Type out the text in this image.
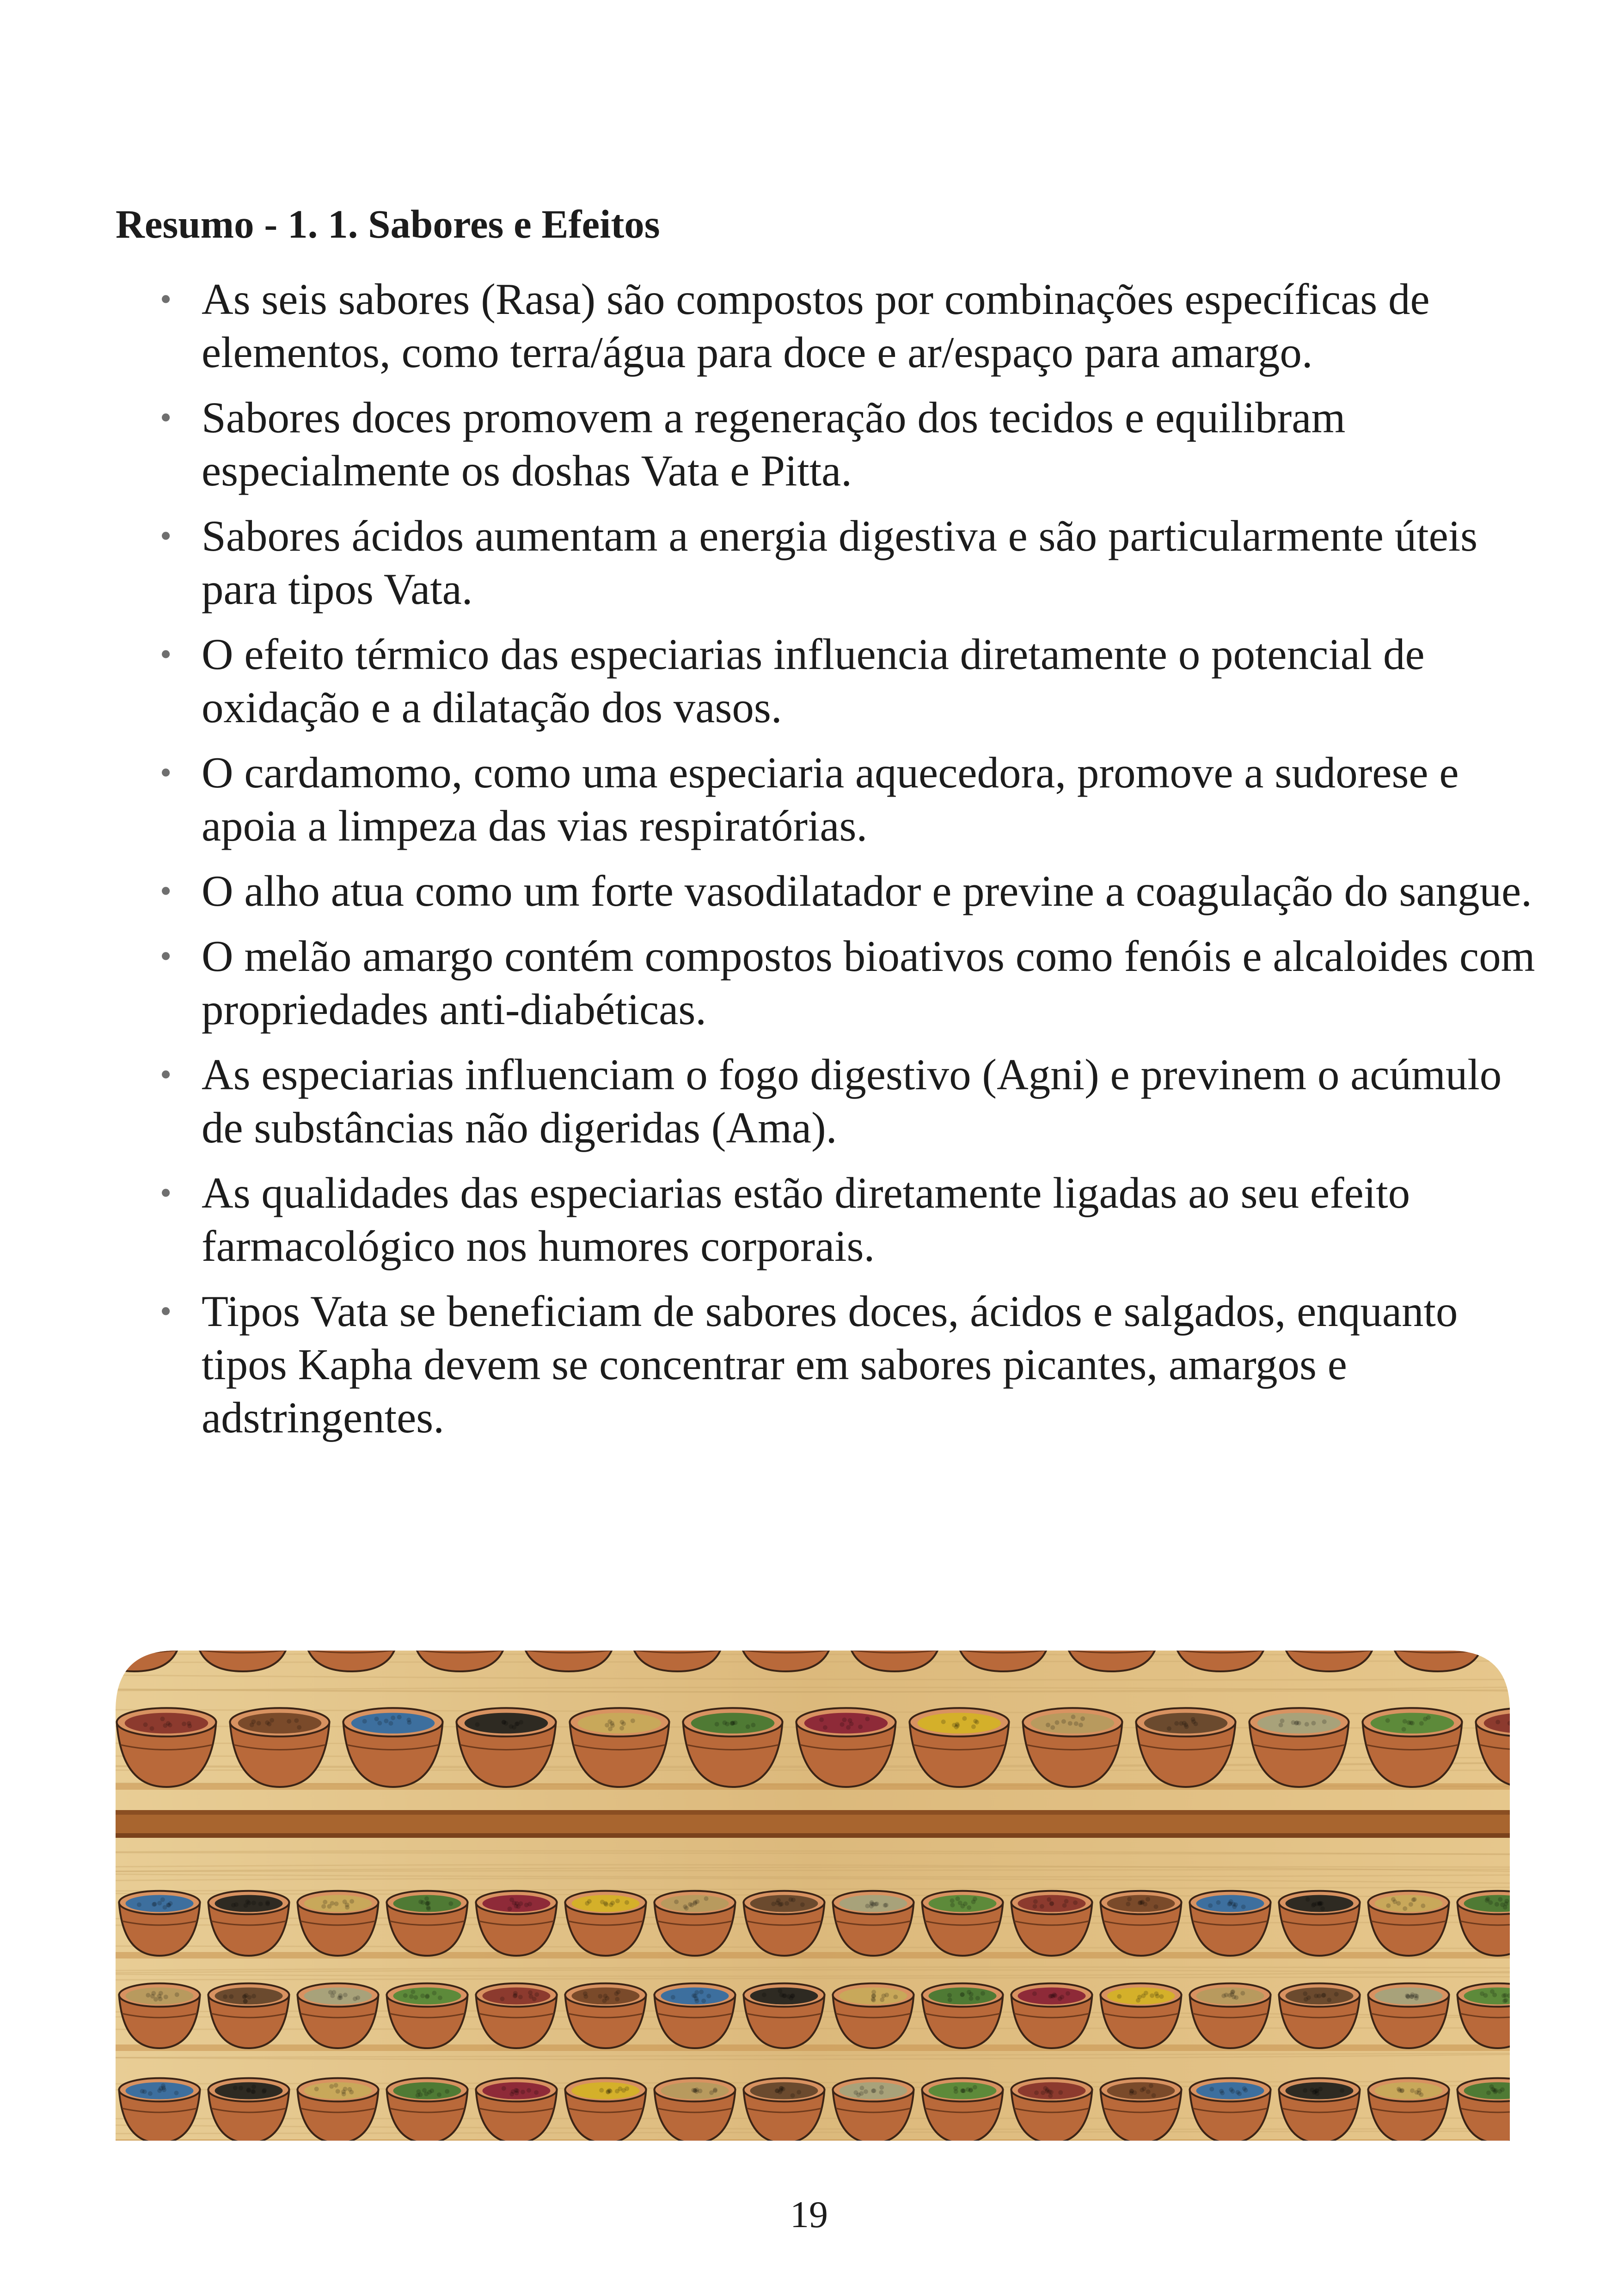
Resumo - 1. 1. Sabores e Efeitos
• As seis sabores (Rasa) são compostos por combinações específicas de elementos, como terra/água para doce e ar/espaço para amargo.
• Sabores doces promovem a regeneração dos tecidos e equilibram especialmente os doshas Vata e Pitta.
• Sabores ácidos aumentam a energia digestiva e são particularmente úteis para tipos Vata.
• O efeito térmico das especiarias influencia diretamente o potencial de oxidação e a dilatação dos vasos.
• O cardamomo, como uma especiaria aquecedora, promove a sudorese e apoia a limpeza das vias respiratórias.
• O alho atua como um forte vasodilatador e previne a coagulação do sangue.
• O melão amargo contém compostos bioativos como fenóis e alcaloides com propriedades anti-diabéticas.
• As especiarias influenciam o fogo digestivo (Agni) e previnem o acúmulo de substâncias não digeridas (Ama).
• As qualidades das especiarias estão diretamente ligadas ao seu efeito farmacológico nos humores corporais.
• Tipos Vata se beneficiam de sabores doces, ácidos e salgados, enquanto tipos Kapha devem se concentrar em sabores picantes, amargos e adstringentes.
19
